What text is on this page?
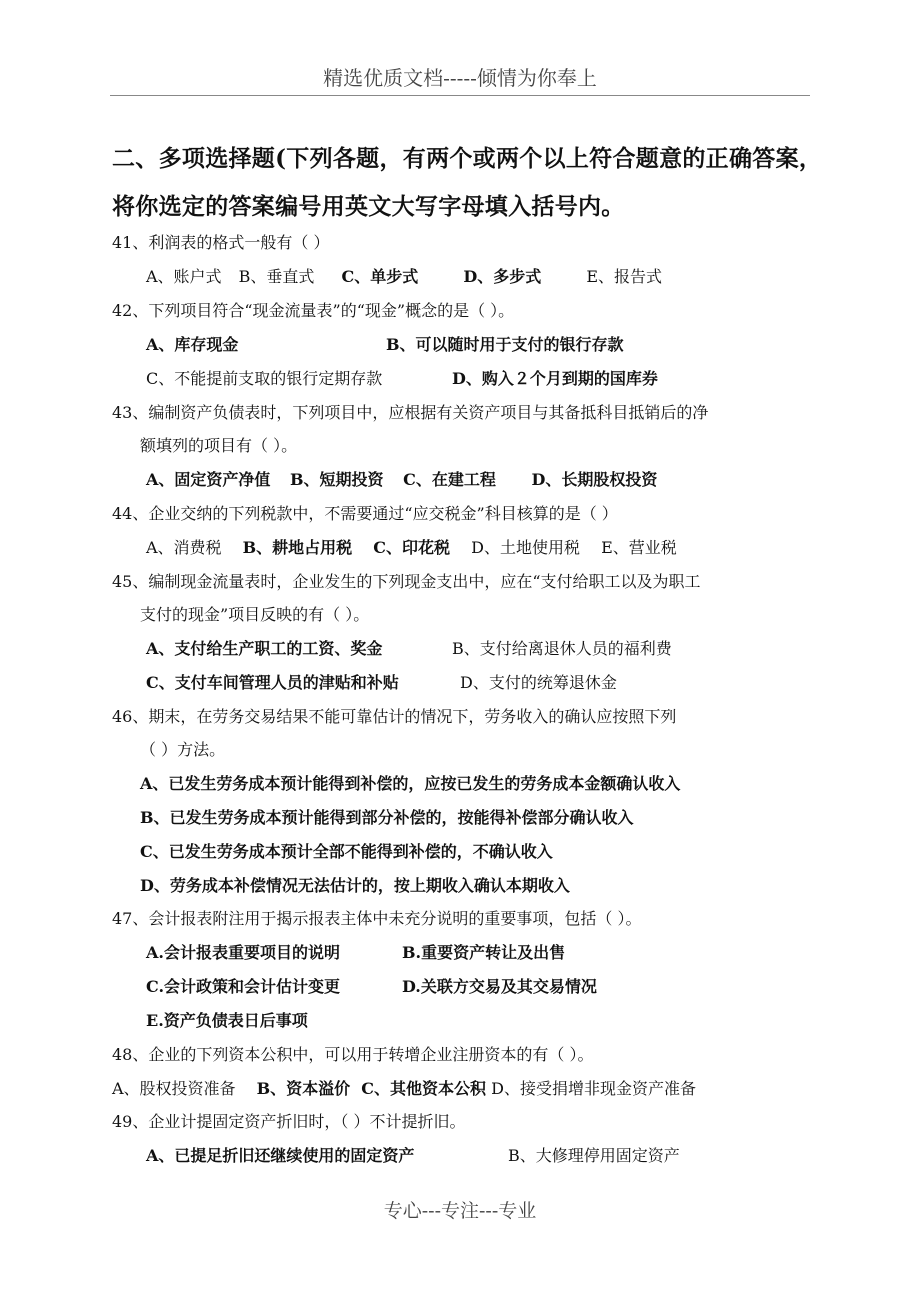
精选优质文档-----倾情为你奉上
二、多项选择题(下列各题，有两个或两个以上符合题意的正确答案，
将你选定的答案编号用英文大写字母填入括号内。
41、利润表的格式一般有（ ）
A、账户式 B、垂直式 C、单步式	D、多步式	E、报告式
42、下列项目符合“现金流量表”的“现金”概念的是（ ）。
A、库存现金	B、可以随时用于支付的银行存款
C、不能提前支取的银行定期存款	D、购入２个月到期的国库券
43、编制资产负债表时，下列项目中，应根据有关资产项目与其备抵科目抵销后的净
额填列的项目有（ ）。
A、固定资产净值 B、短期投资 C、在建工程 D、长期股权投资
44、企业交纳的下列税款中，不需要通过“应交税金”科目核算的是（ ）
A、消费税 B、耕地占用税 C、印花税 D、土地使用税 E、营业税
45、编制现金流量表时，企业发生的下列现金支出中，应在“支付给职工以及为职工
支付的现金”项目反映的有（ ）。
A、支付给生产职工的工资、奖金	B、支付给离退休人员的福利费
C、支付车间管理人员的津贴和补贴	D、支付的统筹退休金
46、期末，在劳务交易结果不能可靠估计的情况下，劳务收入的确认应按照下列
（ ）方法。
A、已发生劳务成本预计能得到补偿的，应按已发生的劳务成本金额确认收入
B、已发生劳务成本预计能得到部分补偿的，按能得补偿部分确认收入
C、已发生劳务成本预计全部不能得到补偿的，不确认收入
D、劳务成本补偿情况无法估计的，按上期收入确认本期收入
47、会计报表附注用于揭示报表主体中未充分说明的重要事项，包括（ ）。
A.会计报表重要项目的说明	B.重要资产转让及出售
C.会计政策和会计估计变更	D.关联方交易及其交易情况
E.资产负债表日后事项
48、企业的下列资本公积中，可以用于转增企业注册资本的有（ ）。
A、股权投资准备 B、资本溢价 C、其他资本公积 D、接受捐增非现金资产准备
49、企业计提固定资产折旧时，（ ）不计提折旧。
A、已提足折旧还继续使用的固定资产	B、大修理停用固定资产
专心---专注---专业
